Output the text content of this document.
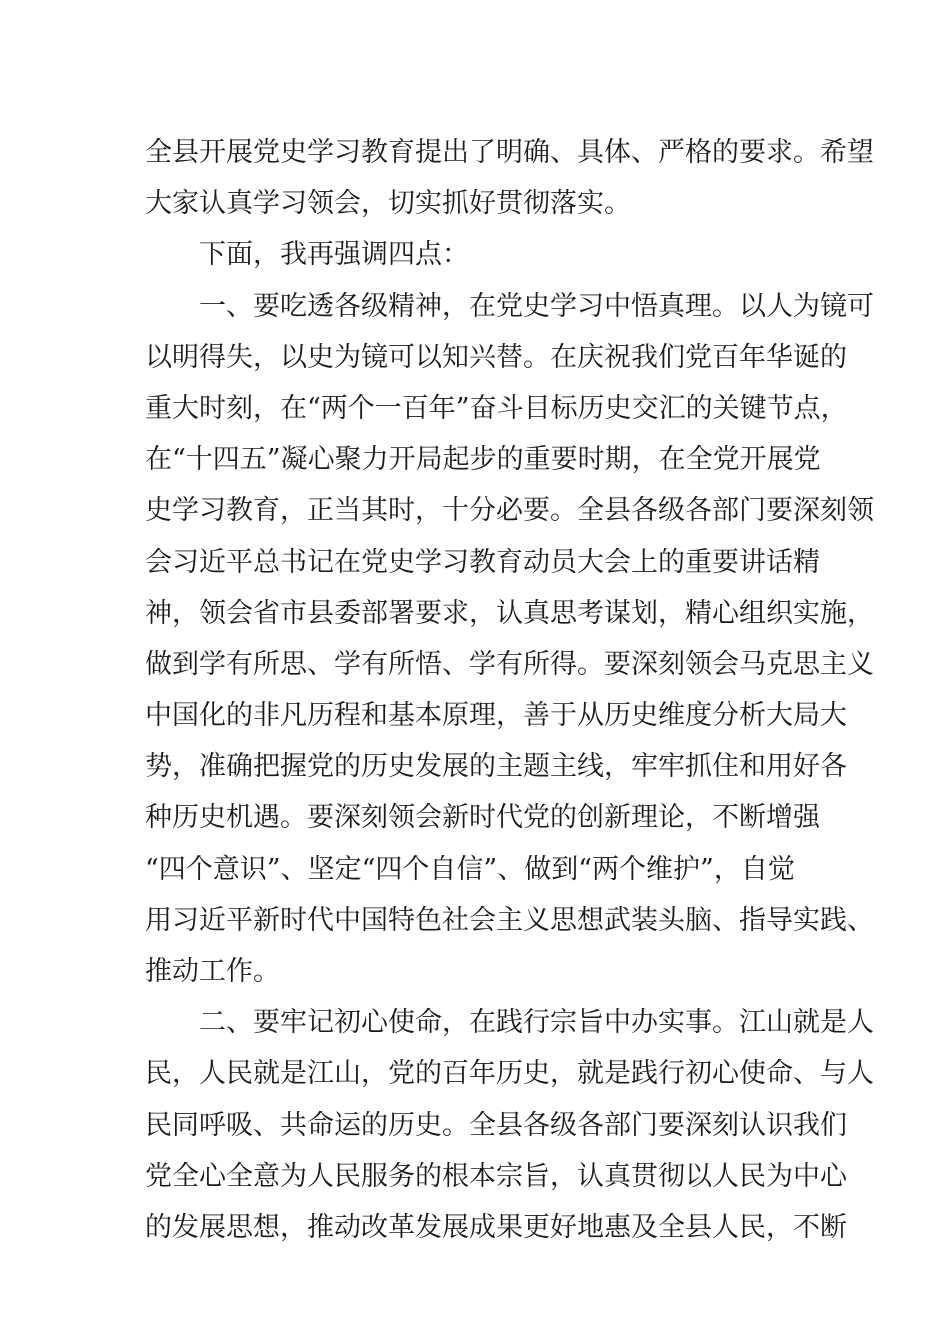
全县开展党史学习教育提出了明确、具体、严格的要求。希望
大家认真学习领会，切实抓好贯彻落实。
下面，我再强调四点：
一、要吃透各级精神，在党史学习中悟真理。以人为镜可
以明得失，以史为镜可以知兴替。在庆祝我们党百年华诞的
重大时刻，在“两个一百年”奋斗目标历史交汇的关键节点，
在“十四五”凝心聚力开局起步的重要时期，在全党开展党
史学习教育，正当其时，十分必要。全县各级各部门要深刻领
会习近平总书记在党史学习教育动员大会上的重要讲话精
神，领会省市县委部署要求，认真思考谋划，精心组织实施，
做到学有所思、学有所悟、学有所得。要深刻领会马克思主义
中国化的非凡历程和基本原理，善于从历史维度分析大局大
势，准确把握党的历史发展的主题主线，牢牢抓住和用好各
种历史机遇。要深刻领会新时代党的创新理论，不断增强
“四个意识”、坚定“四个自信”、做到“两个维护”，自觉
用习近平新时代中国特色社会主义思想武装头脑、指导实践、
推动工作。
二、要牢记初心使命，在践行宗旨中办实事。江山就是人
民，人民就是江山，党的百年历史，就是践行初心使命、与人
民同呼吸、共命运的历史。全县各级各部门要深刻认识我们
党全心全意为人民服务的根本宗旨，认真贯彻以人民为中心
的发展思想，推动改革发展成果更好地惠及全县人民，不断
